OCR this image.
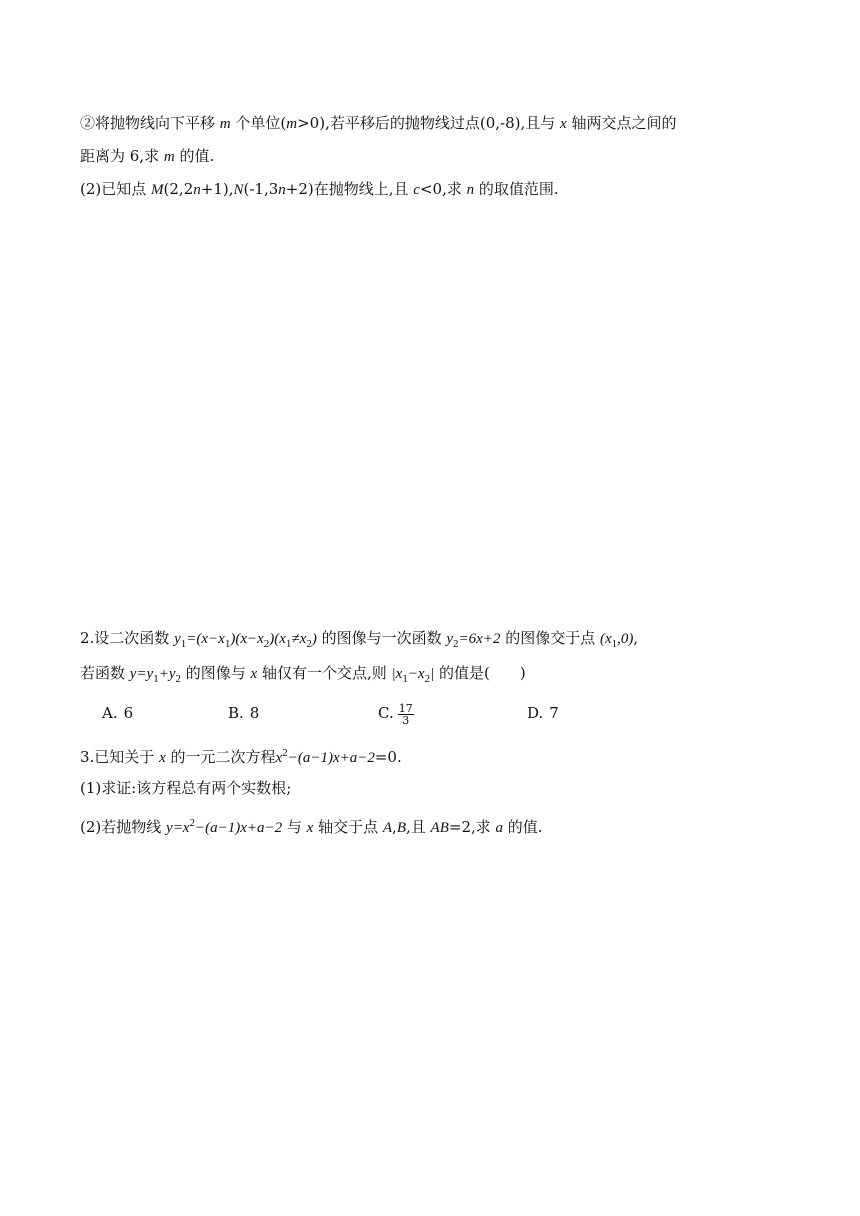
②将抛物线向下平移 m 个单位(m>0),若平移后的抛物线过点(0,-8),且与 x 轴两交点之间的
距离为 6,求 m 的值.
(2)已知点 M(2,2n+1),N(-1,3n+2)在抛物线上,且 c<0,求 n 的取值范围.
2.设二次函数 $y_1=(x-x_1)(x-x_2)(x_1\ne x_2)$ 的图像与一次函数 $y_2=6x+2$ 的图像交于点 $(x_1,0)$,
若函数 $y=y_1+y_2$ 的图像与 x 轴仅有一个交点,则 $|x_1-x_2|$ 的值是(　　)
A. 6	B. 8	C. $\frac{17}{3}$	D. 7
3.已知关于 x 的一元二次方程$x^2-(a-1)x+a-2=0$.
(1)求证:该方程总有两个实数根;
(2)若抛物线 $y=x^2-(a-1)x+a-2$ 与 x 轴交于点 A,B,且 AB=2,求 a 的值.
